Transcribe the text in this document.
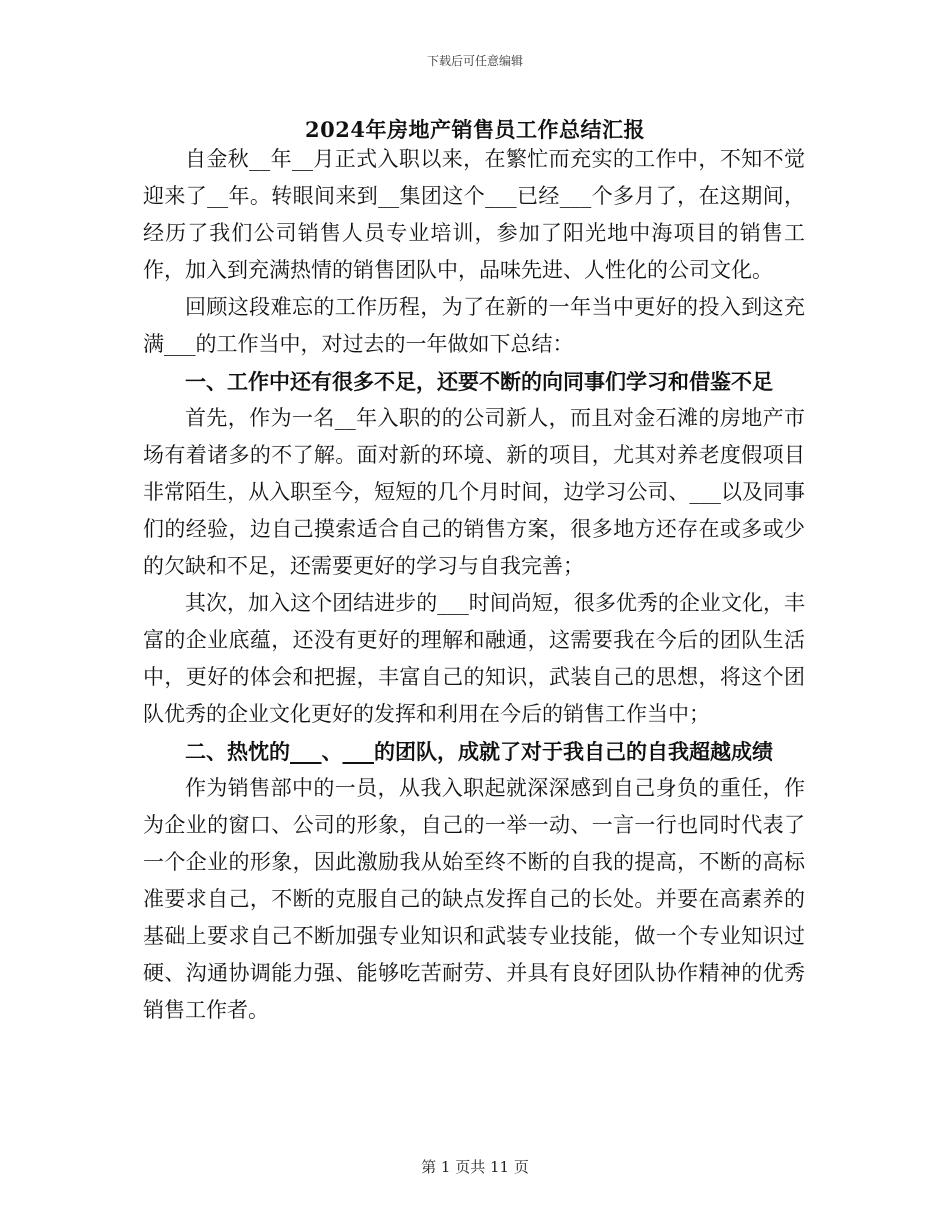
下载后可任意编辑
2024年房地产销售员工作总结汇报

自金秋__年__月正式入职以来，在繁忙而充实的工作中，不知不觉迎来了__年。转眼间来到__集团这个___已经___个多月了，在这期间，经历了我们公司销售人员专业培训，参加了阳光地中海项目的销售工作，加入到充满热情的销售团队中，品味先进、人性化的公司文化。

回顾这段难忘的工作历程，为了在新的一年当中更好的投入到这充满___的工作当中，对过去的一年做如下总结：

一、工作中还有很多不足，还要不断的向同事们学习和借鉴不足

首先，作为一名__年入职的的公司新人，而且对金石滩的房地产市场有着诸多的不了解。面对新的环境、新的项目，尤其对养老度假项目非常陌生，从入职至今，短短的几个月时间，边学习公司、___以及同事们的经验，边自己摸索适合自己的销售方案，很多地方还存在或多或少的欠缺和不足，还需要更好的学习与自我完善；

其次，加入这个团结进步的___时间尚短，很多优秀的企业文化，丰富的企业底蕴，还没有更好的理解和融通，这需要我在今后的团队生活中，更好的体会和把握，丰富自己的知识，武装自己的思想，将这个团队优秀的企业文化更好的发挥和利用在今后的销售工作当中；

二、热忱的___、___的团队，成就了对于我自己的自我超越成绩

作为销售部中的一员，从我入职起就深深感到自己身负的重任，作为企业的窗口、公司的形象，自己的一举一动、一言一行也同时代表了一个企业的形象，因此激励我从始至终不断的自我的提高，不断的高标准要求自己，不断的克服自己的缺点发挥自己的长处。并要在高素养的基础上要求自己不断加强专业知识和武装专业技能，做一个专业知识过硬、沟通协调能力强、能够吃苦耐劳、并具有良好团队协作精神的优秀销售工作者。

第 1 页共 11 页
